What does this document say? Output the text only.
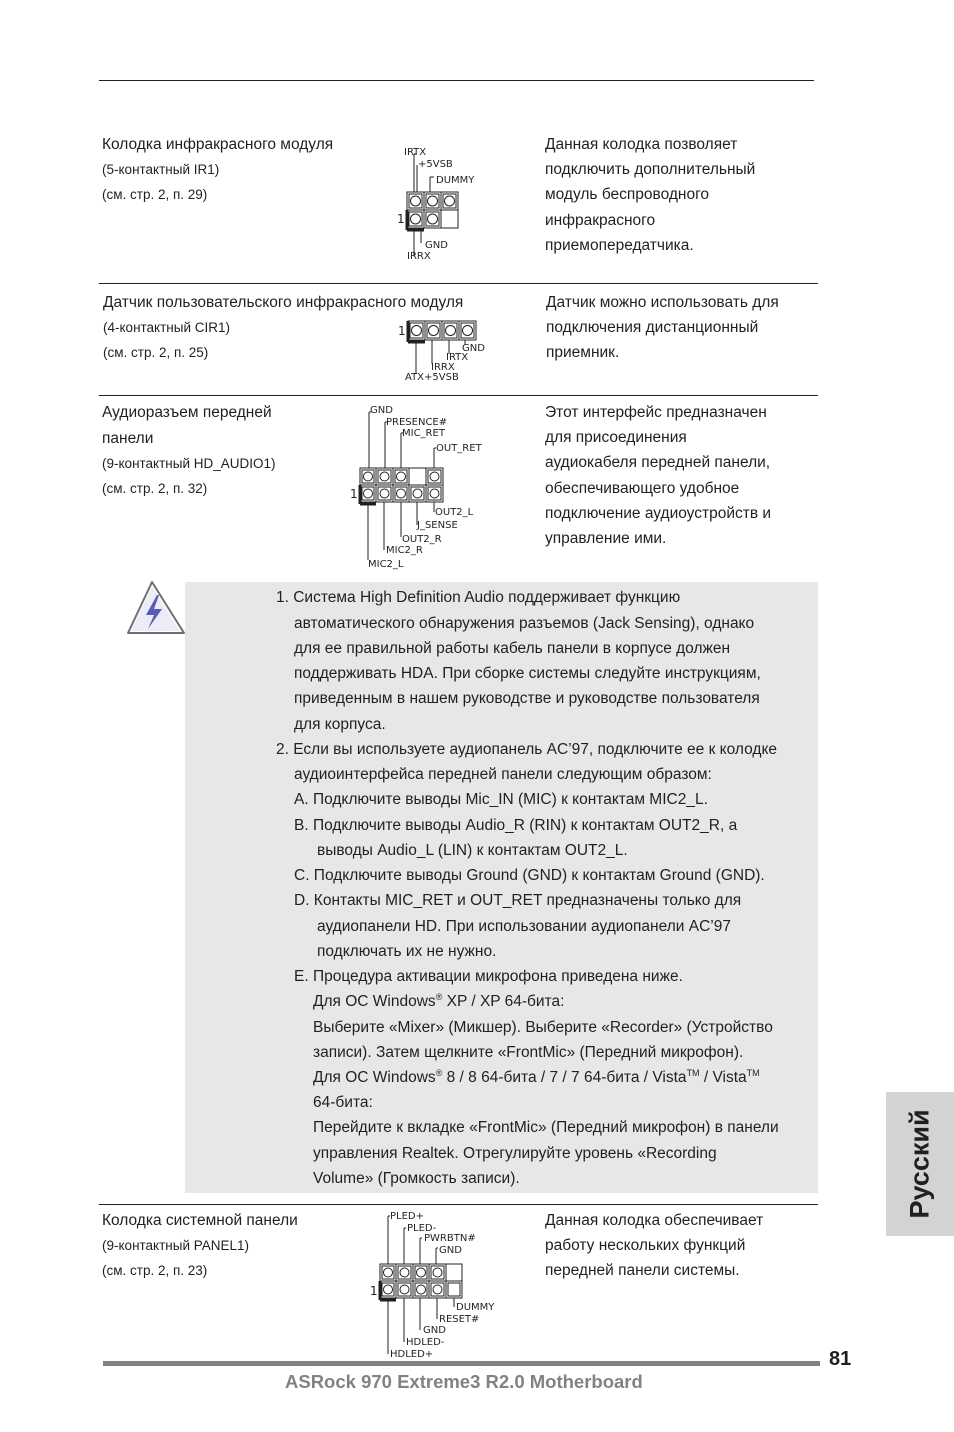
Колодка инфракрасного модуля
(5-контактный IR1)
(см. стр. 2, п. 29)
Данная колодка позволяет
подключить дополнительный
модуль беспроводного
инфракрасного
приемопередатчика.
IRTX
+5VSB
DUMMY
1
GND
IRRX
Датчик пользовательского инфракрасного модуля
(4-контактный CIR1)
(см. стр. 2, п. 25)
Датчик можно использовать для
подключения дистанционный
приемник.
1
GND
IRTX
IRRX
ATX+5VSB
Аудиоразъем передней
панели
(9-контактный HD_AUDIO1)
(см. стр. 2, п. 32)
Этот интерфейс предназначен
для присоединения
аудиокабеля передней панели,
обеспечивающего удобное
подключение аудиоустройств и
управление ими.
GND
PRESENCE#
MIC_RET
OUT_RET
1
OUT2_L
J_SENSE
OUT2_R
MIC2_R
MIC2_L
1. Система High Definition Audio поддерживает функцию
автоматического обнаружения разъемов (Jack Sensing), однако
для ее правильной работы кабель панели в корпусе должен
поддерживать HDA. При сборке системы следуйте инструкциям,
приведенным в нашем руководстве и руководстве пользователя
для корпуса.
2. Если вы используете аудиопанель AC’97, подключите ее к колодке
аудиоинтерфейса передней панели следующим образом:
A. Подключите выводы Mic_IN (MIC) к контактам MIC2_L.
B. Подключите выводы Audio_R (RIN) к контактам OUT2_R, а
выводы Audio_L (LIN) к контактам OUT2_L.
C. Подключите выводы Ground (GND) к контактам Ground (GND).
D. Контакты MIC_RET и OUT_RET предназначены только для
аудиопанели HD. При использовании аудиопанели AC’97
подключать их не нужно.
E. Процедура активации микрофона приведена ниже.
Для ОС Windows® XP / XP 64-бита:
Выберите «Mixer» (Микшер). Выберите «Recorder» (Устройство
записи). Затем щелкните «FrontMic» (Передний микрофон).
Для ОС Windows® 8 / 8 64-бита / 7 / 7 64-бита / Vista™ / Vista™
64-бита:
Перейдите к вкладке «FrontMic» (Передний микрофон) в панели
управления Realtek. Отрегулируйте уровень «Recording
Volume» (Громкость записи).
Колодка системной панели
(9-контактный PANEL1)
(см. стр. 2, п. 23)
Данная колодка обеспечивает
работу нескольких функций
передней панели системы.
PLED+
PLED-
PWRBTN#
GND
1
DUMMY
RESET#
GND
HDLED-
HDLED+
Русский
81
ASRock 970 Extreme3 R2.0 Motherboard
